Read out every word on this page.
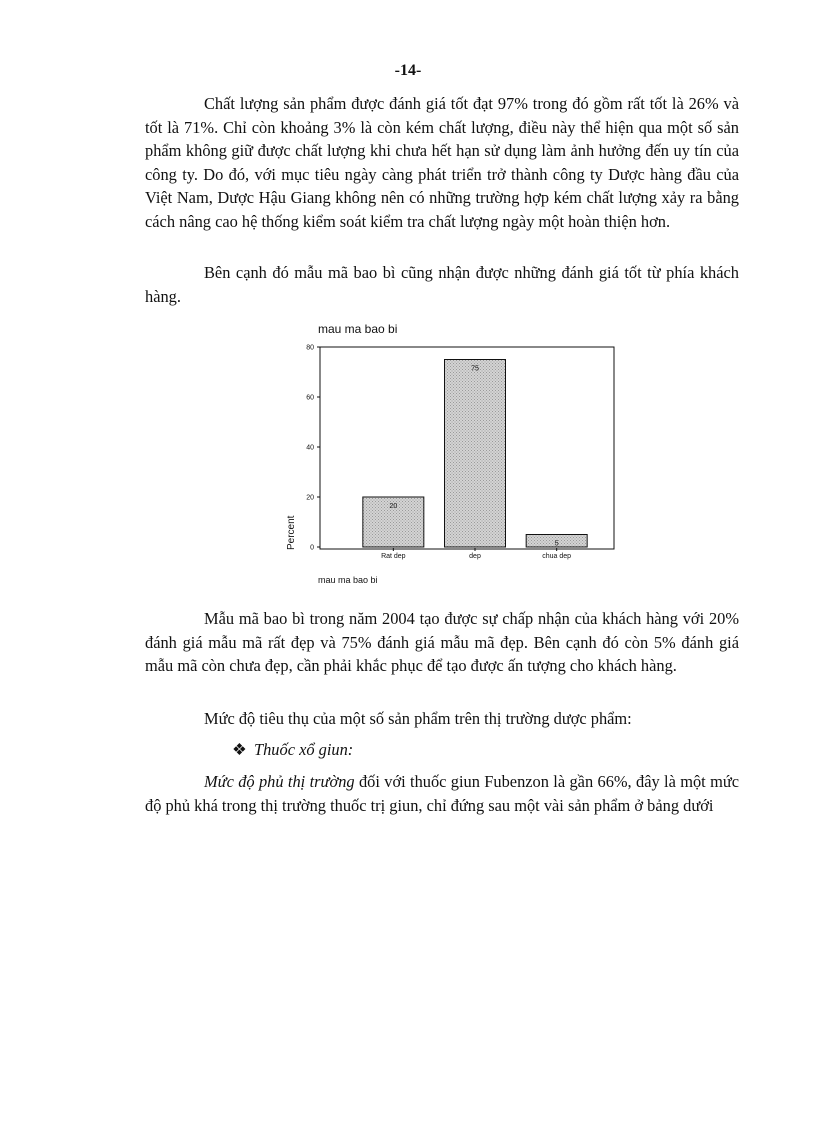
-14-

Chất lượng sản phẩm được đánh giá tốt đạt 97% trong đó gồm rất tốt là 26% và tốt là 71%. Chỉ còn khoảng 3% là còn kém chất lượng, điều này thể hiện qua một số sản phẩm không giữ được chất lượng khi chưa hết hạn sử dụng làm ảnh hưởng đến uy tín của công ty. Do đó, với mục tiêu ngày càng phát triển trở thành công ty Dược hàng đầu của Việt Nam, Dược Hậu Giang không nên có những trường hợp kém chất lượng xảy ra bằng cách nâng cao hệ thống kiểm soát kiểm tra chất lượng ngày một hoàn thiện hơn.

Bên cạnh đó mẫu mã bao bì cũng nhận được những đánh giá tốt từ phía khách hàng.

mau ma bao bi
Percent
mau ma bao bi
0
20
40
60
80
20
Rat dep
75
dep
5
chua dep

Mẫu mã bao bì trong năm 2004 tạo được sự chấp nhận của khách hàng với 20% đánh giá mẫu mã rất đẹp và 75% đánh giá mẫu mã đẹp. Bên cạnh đó còn 5% đánh giá mẫu mã còn chưa đẹp, cần phải khắc phục để tạo được ấn tượng cho khách hàng.

Mức độ tiêu thụ của một số sản phẩm trên thị trường dược phẩm:

❖ Thuốc xổ giun:

Mức độ phủ thị trường đối với thuốc giun Fubenzon là gần 66%, đây là một mức độ phủ khá trong thị trường thuốc trị giun, chỉ đứng sau một vài sản phẩm ở bảng dưới
